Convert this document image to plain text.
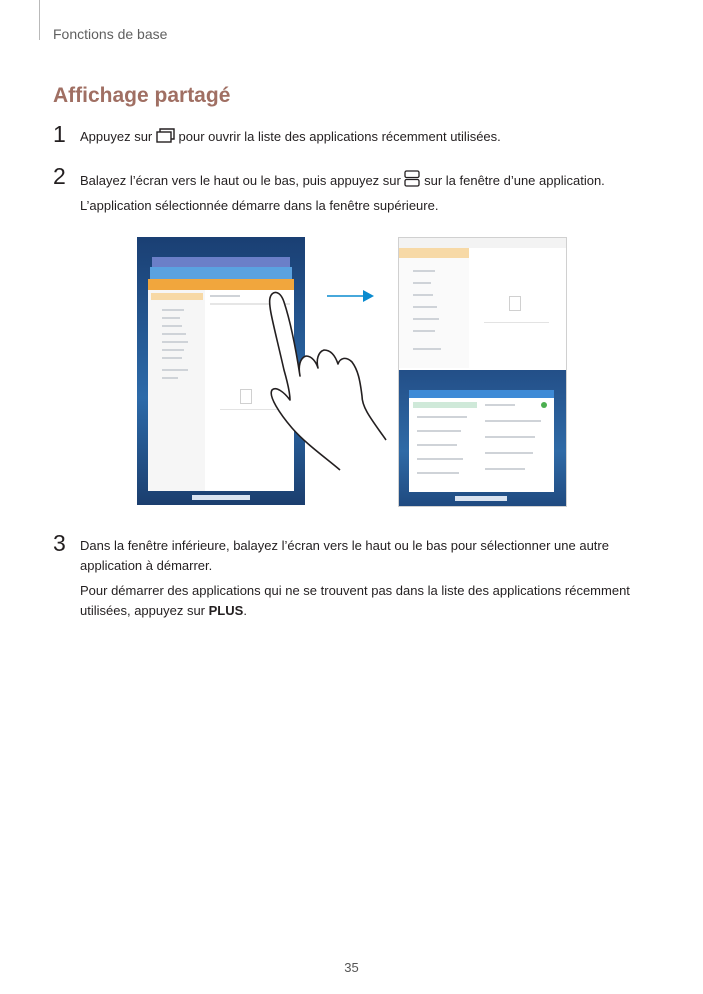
Fonctions de base
Affichage partagé
1	Appuyez sur pour ouvrir la liste des applications récemment utilisées.

2	Balayez l’écran vers le haut ou le bas, puis appuyez sur sur la fenêtre d’une application.

L’application sélectionnée démarre dans la fenêtre supérieure.

3	Dans la fenêtre inférieure, balayez l’écran vers le haut ou le bas pour sélectionner une autre application à démarrer.

Pour démarrer des applications qui ne se trouvent pas dans la liste des applications récemment utilisées, appuyez sur PLUS.

35
